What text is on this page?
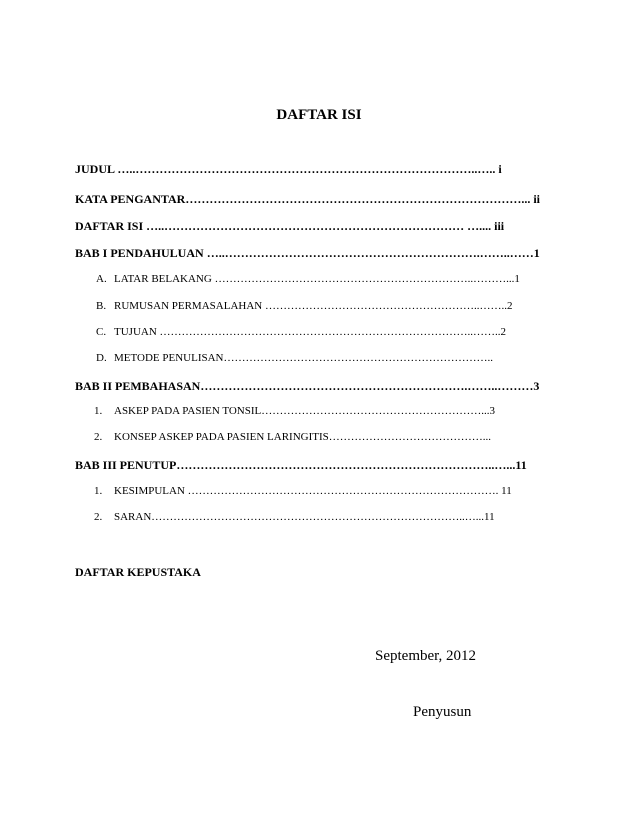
DAFTAR ISI
JUDUL …..…………………………………………………………………………..….. i
KATA PENGANTAR…………………………………………………………………………... ii
DAFTAR ISI …..………………………………………………………………… ….... iii
BAB I PENDAHULUAN …..……………………………………………………….……..……1
A. LATAR BELAKANG ……………………………………………………………..………...1
B. RUMUSAN PERMASALAHAN …………………………………………………..……..2
C. TUJUAN …………………………………………………………………………..……..2
D. METODE PENULISAN………………………………………………………………..
BAB II PEMBAHASAN………………………………………………………….……..………3
1. ASKEP PADA PASIEN TONSIL……………………………………………………...3
2. KONSEP ASKEP PADA PASIEN LARINGITIS……………………………………...
BAB III PENUTUP……………………………………………………………………..…...11
1. KESIMPULAN …………………………………………………………………………. 11
2. SARAN…………………………………………………………………………..…...11
DAFTAR KEPUSTAKA
September, 2012
Penyusun
